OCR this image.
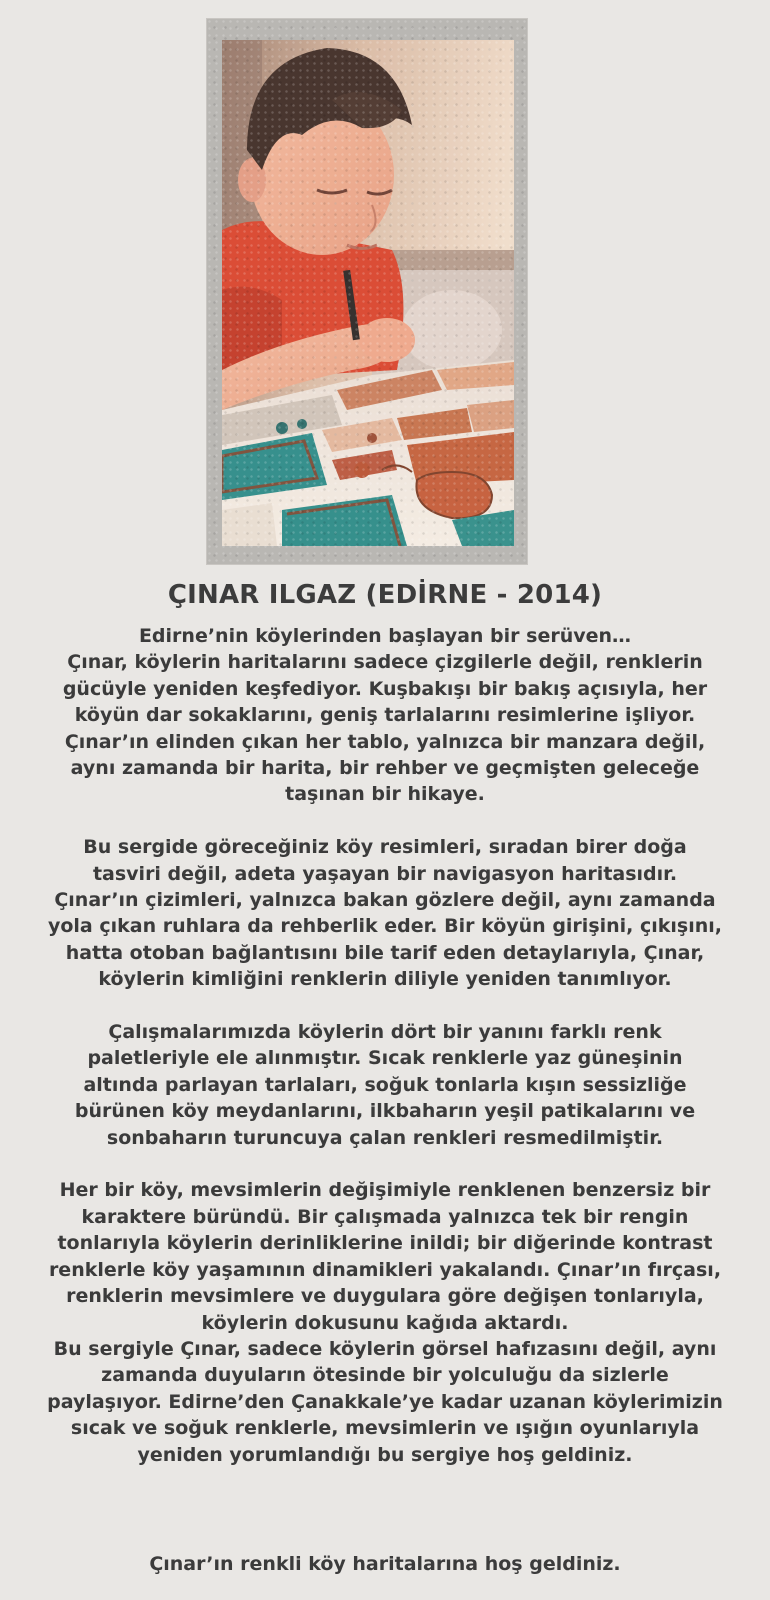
ÇINAR ILGAZ (EDİRNE - 2014)
Edirne’nin köylerinden başlayan bir serüven…
Çınar, köylerin haritalarını sadece çizgilerle değil, renklerin
gücüyle yeniden keşfediyor. Kuşbakışı bir bakış açısıyla, her
köyün dar sokaklarını, geniş tarlalarını resimlerine işliyor.
Çınar’ın elinden çıkan her tablo, yalnızca bir manzara değil,
aynı zamanda bir harita, bir rehber ve geçmişten geleceğe
taşınan bir hikaye.
Bu sergide göreceğiniz köy resimleri, sıradan birer doğa
tasviri değil, adeta yaşayan bir navigasyon haritasıdır.
Çınar’ın çizimleri, yalnızca bakan gözlere değil, aynı zamanda
yola çıkan ruhlara da rehberlik eder. Bir köyün girişini, çıkışını,
hatta otoban bağlantısını bile tarif eden detaylarıyla, Çınar,
köylerin kimliğini renklerin diliyle yeniden tanımlıyor.
Çalışmalarımızda köylerin dört bir yanını farklı renk
paletleriyle ele alınmıştır. Sıcak renklerle yaz güneşinin
altında parlayan tarlaları, soğuk tonlarla kışın sessizliğe
bürünen köy meydanlarını, ilkbaharın yeşil patikalarını ve
sonbaharın turuncuya çalan renkleri resmedilmiştir.
Her bir köy, mevsimlerin değişimiyle renklenen benzersiz bir
karaktere büründü. Bir çalışmada yalnızca tek bir rengin
tonlarıyla köylerin derinliklerine inildi; bir diğerinde kontrast
renklerle köy yaşamının dinamikleri yakalandı. Çınar’ın fırçası,
renklerin mevsimlere ve duygulara göre değişen tonlarıyla,
köylerin dokusunu kağıda aktardı.
Bu sergiyle Çınar, sadece köylerin görsel hafızasını değil, aynı
zamanda duyuların ötesinde bir yolculuğu da sizlerle
paylaşıyor. Edirne’den Çanakkale’ye kadar uzanan köylerimizin
sıcak ve soğuk renklerle, mevsimlerin ve ışığın oyunlarıyla
yeniden yorumlandığı bu sergiye hoş geldiniz.
Çınar’ın renkli köy haritalarına hoş geldiniz.
